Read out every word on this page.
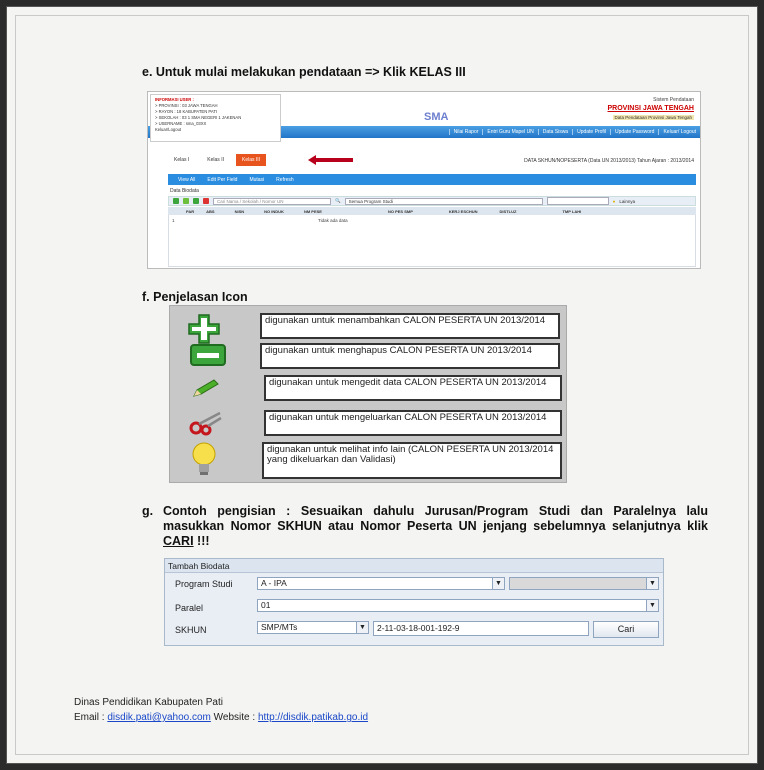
e. Untuk mulai melakukan pendataan => Klik KELAS III
INFORMASI USER :
> PROVINSI : 03 JAWA TENGAH
> RAYON : 18 KABUPATEN PATI
> SEKOLAH : 03 1 SMA NEGERI 1 JAKENAN
> USERNAME : sma_03XX
Keluar/Logout
SMA
Sistem Pendataan
PROVINSI JAWA TENGAH
Data Pendataan Provinsi Jawa Tengah
Nilai Rapor	Entri Guru Mapel UN	Data Siswa	Update Profil	Update Password	Keluar/ Logout
Kelas I	Kelas II	Kelas III	DATA SKHUN/NOPESERTA (Data UN 2013/2013) Tahun Ajaran : 2013/2014
View All Edit Per Field Mutasi Refresh
Data Biodata
Cari Nama / Sekolah / Nomor UN	🔍	Semua Program Studi	● Lainnya
PAR	ABS	NISN	NO INDUK	NM PESE	NO PES SMP	KERJ ESCHUN	DISTLUZ	TMP LAHI
1	Tidak ada data
f. Penjelasan Icon
digunakan untuk menambahkan CALON PESERTA UN 2013/2014
digunakan untuk menghapus CALON PESERTA UN 2013/2014
digunakan untuk mengedit data CALON PESERTA UN 2013/2014
digunakan untuk mengeluarkan CALON PESERTA UN 2013/2014
digunakan untuk melihat info lain (CALON PESERTA UN 2013/2014 yang dikeluarkan dan Validasi)
g. Contoh pengisian : Sesuaikan dahulu Jurusan/Program Studi dan Paralelnya lalu masukkan Nomor SKHUN atau Nomor Peserta UN jenjang sebelumnya selanjutnya klik CARI !!!
Tambah Biodata
Program Studi	A - IPA	▼	▼
Paralel	01	▼
SKHUN	SMP/MTs	▼	2-11-03-18-001-192-9	Cari
Dinas Pendidikan Kabupaten Pati
Email : disdik.pati@yahoo.com Website : http://disdik.patikab.go.id
